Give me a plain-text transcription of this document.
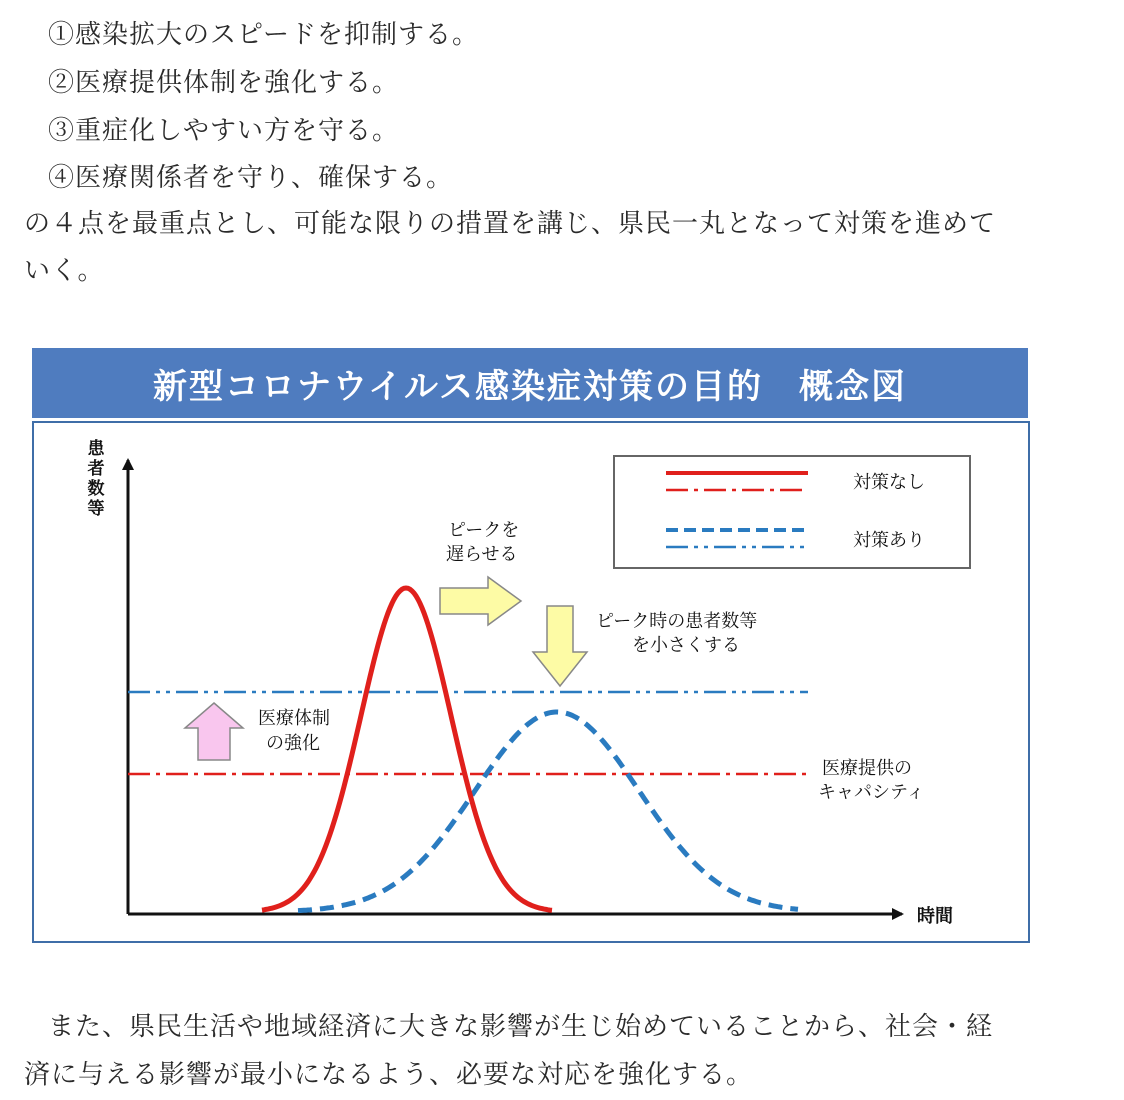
①感染拡大のスピードを抑制する。
②医療提供体制を強化する。
③重症化しやすい方を守る。
④医療関係者を守り、確保する。
の４点を最重点とし、可能な限りの措置を講じ、県民一丸となって対策を進めて
いく。
新型コロナウイルス感染症対策の目的　概念図
患
者
数
等
時間
対策なし
対策あり
ピークを
遅らせる
ピーク時の患者数等
を小さくする
医療体制
の強化
医療提供の
キャパシティ
また、県民生活や地域経済に大きな影響が生じ始めていることから、社会・経
済に与える影響が最小になるよう、必要な対応を強化する。
